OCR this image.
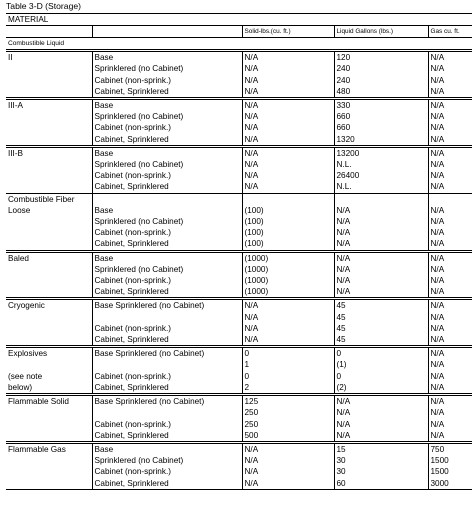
Table 3-D (Storage)
MATERIAL				
		Solid-lbs.(cu. ft.)	Liquid Gallons (lbs.)	Gas cu. ft.
Combustible Liquid				
II	Base	N/A	120	N/A
	Sprinklered (no Cabinet)	N/A	240	N/A
	Cabinet (non-sprink.)	N/A	240	N/A
	Cabinet, Sprinklered	N/A	480	N/A
III-A	Base	N/A	330	N/A
	Sprinklered (no Cabinet)	N/A	660	N/A
	Cabinet (non-sprink.)	N/A	660	N/A
	Cabinet, Sprinklered	N/A	1320	N/A
III-B	Base	N/A	13200	N/A
	Sprinklered (no Cabinet)	N/A	N.L.	N/A
	Cabinet (non-sprink.)	N/A	26400	N/A
	Cabinet, Sprinklered	N/A	N.L.	N/A
Combustible Fiber				
Loose	Base	(100)	N/A	N/A
	Sprinklered (no Cabinet)	(100)	N/A	N/A
	Cabinet (non-sprink.)	(100)	N/A	N/A
	Cabinet, Sprinklered	(100)	N/A	N/A
Baled	Base	(1000)	N/A	N/A
	Sprinklered (no Cabinet)	(1000)	N/A	N/A
	Cabinet (non-sprink.)	(1000)	N/A	N/A
	Cabinet, Sprinklered	(1000)	N/A	N/A
Cryogenic	Base Sprinklered (no Cabinet)	N/A	45	N/A
		N/A	45	N/A
	Cabinet (non-sprink.)	N/A	45	N/A
	Cabinet, Sprinklered	N/A	45	N/A
Explosives	Base Sprinklered (no Cabinet)	0	0	N/A
		1	(1)	N/A
(see note	Cabinet (non-sprink.)	0	0	N/A
below)	Cabinet, Sprinklered	2	(2)	N/A
Flammable Solid	Base Sprinklered (no Cabinet)	125	N/A	N/A
		250	N/A	N/A
	Cabinet (non-sprink.)	250	N/A	N/A
	Cabinet, Sprinklered	500	N/A	N/A
Flammable Gas	Base	N/A	15	750
	Sprinklered (no Cabinet)	N/A	30	1500
	Cabinet (non-sprink.)	N/A	30	1500
	Cabinet, Sprinklered	N/A	60	3000
